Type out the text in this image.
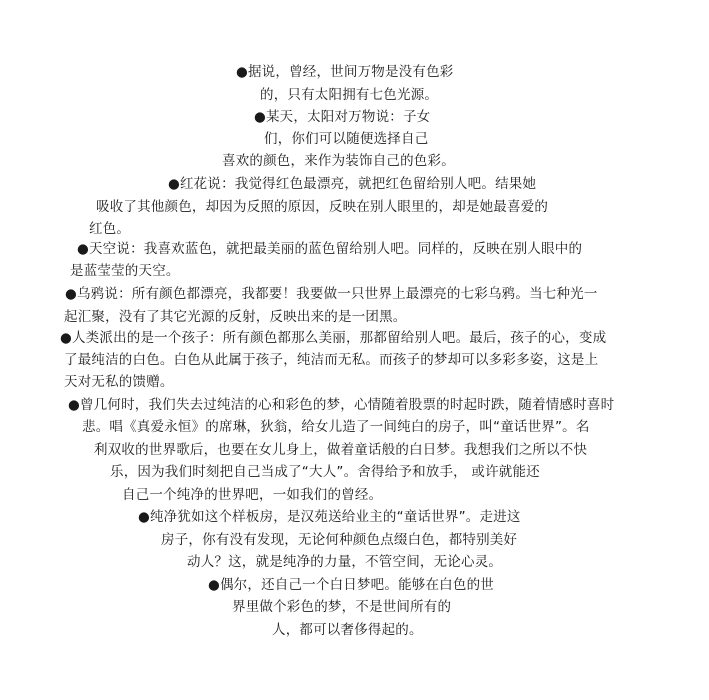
●据说，曾经，世间万物是没有色彩
的，只有太阳拥有七色光源。
●某天，太阳对万物说：子女
们，你们可以随便选择自己
喜欢的颜色，来作为装饰自己的色彩。
●红花说：我觉得红色最漂亮，就把红色留给别人吧。结果她
吸收了其他颜色，却因为反照的原因，反映在别人眼里的，却是她最喜爱的
红色。
●天空说：我喜欢蓝色，就把最美丽的蓝色留给别人吧。同样的，反映在别人眼中的
是蓝莹莹的天空。
●乌鸦说：所有颜色都漂亮，我都要！我要做一只世界上最漂亮的七彩乌鸦。当七种光一
起汇聚，没有了其它光源的反射，反映出来的是一团黑。
●人类派出的是一个孩子：所有颜色都那么美丽，那都留给别人吧。最后，孩子的心，变成
了最纯洁的白色。白色从此属于孩子，纯洁而无私。而孩子的梦却可以多彩多姿，这是上
天对无私的馈赠。
●曾几何时，我们失去过纯洁的心和彩色的梦，心情随着股票的时起时跌，随着情感时喜时
悲。唱《真爱永恒》的席琳，狄翁，给女儿造了一间纯白的房子，叫“童话世界”。名
利双收的世界歌后，也要在女儿身上，做着童话般的白日梦。我想我们之所以不快
乐，因为我们时刻把自己当成了“大人”。舍得给予和放手， 或许就能还
自己一个纯净的世界吧，一如我们的曾经。
●纯净犹如这个样板房，是汉苑送给业主的“童话世界”。走进这
房子，你有没有发现，无论何种颜色点缀白色，都特别美好
动人？这，就是纯净的力量，不管空间，无论心灵。
●偶尔，还自己一个白日梦吧。能够在白色的世
界里做个彩色的梦，不是世间所有的
人，都可以奢侈得起的。
